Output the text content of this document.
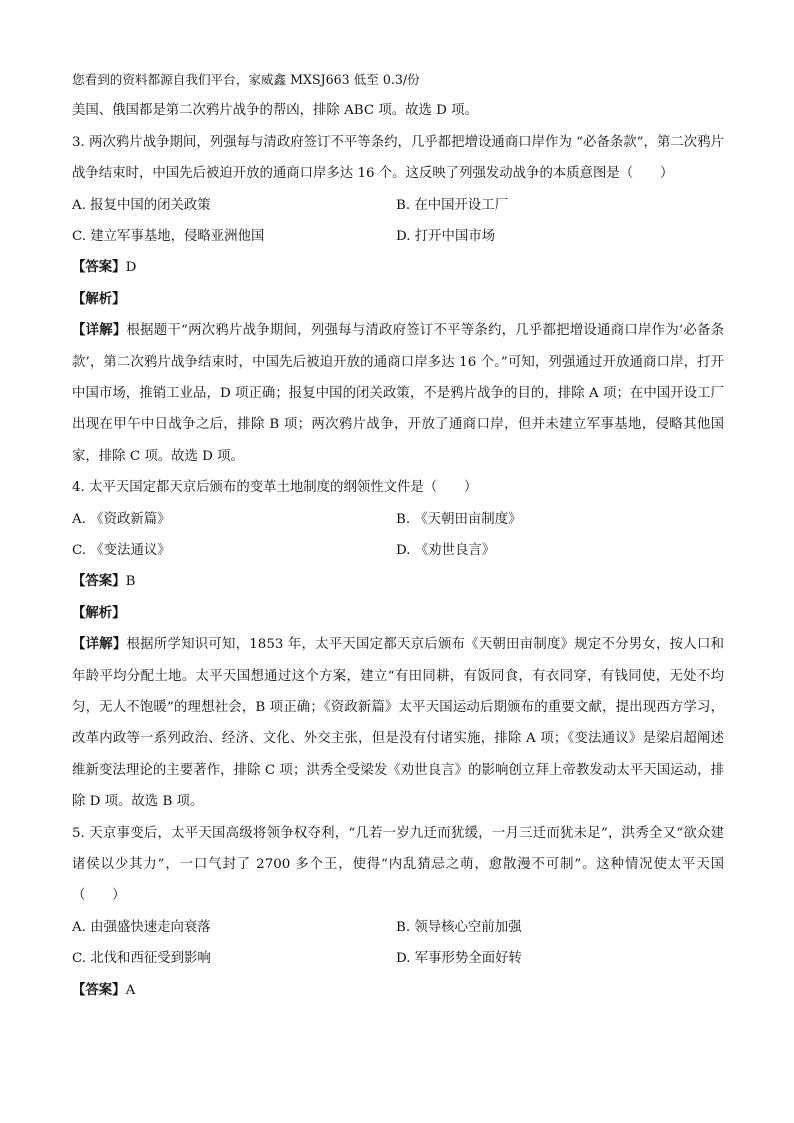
您看到的资料都源自我们平台，家威鑫 MXSJ663 低至 0.3/份
美国、俄国都是第二次鸦片战争的帮凶，排除 ABC 项。故选 D 项。
3. 两次鸦片战争期间，列强每与清政府签订不平等条约，几乎都把增设通商口岸作为 “必备条款”，第二次鸦片战争结束时，中国先后被迫开放的通商口岸多达 16 个。这反映了列强发动战争的本质意图是（　　）
A. 报复中国的闭关政策	B. 在中国开设工厂
C. 建立军事基地，侵略亚洲他国	D. 打开中国市场
【答案】D
【解析】
【详解】根据题干“两次鸦片战争期间，列强每与清政府签订不平等条约，几乎都把增设通商口岸作为‘必备条款’，第二次鸦片战争结束时，中国先后被迫开放的通商口岸多达 16 个。”可知，列强通过开放通商口岸，打开中国市场，推销工业品，D 项正确；报复中国的闭关政策，不是鸦片战争的目的，排除 A 项；在中国开设工厂出现在甲午中日战争之后，排除 B 项；两次鸦片战争，开放了通商口岸，但并未建立军事基地，侵略其他国家，排除 C 项。故选 D 项。
4. 太平天国定都天京后颁布的变革土地制度的纲领性文件是（　　）
A. 《资政新篇》	B. 《天朝田亩制度》
C. 《变法通议》	D. 《劝世良言》
【答案】B
【解析】
【详解】根据所学知识可知，1853 年，太平天国定都天京后颁布《天朝田亩制度》规定不分男女，按人口和年龄平均分配土地。太平天国想通过这个方案，建立“有田同耕，有饭同食，有衣同穿，有钱同使，无处不均匀，无人不饱暖”的理想社会，B 项正确；《资政新篇》太平天国运动后期颁布的重要文献，提出现西方学习，改革内政等一系列政治、经济、文化、外交主张，但是没有付诸实施，排除 A 项；《变法通议》是梁启超阐述维新变法理论的主要著作，排除 C 项；洪秀全受梁发《劝世良言》的影响创立拜上帝教发动太平天国运动，排除 D 项。故选 B 项。
5. 天京事变后，太平天国高级将领争权夺利，“几若一岁九迁而犹缓，一月三迁而犹未足”，洪秀全又“欲众建诸侯以少其力”，一口气封了 2700 多个王，使得“内乱猜忌之萌，愈散漫不可制”。这种情况使太平天国（　　）
A. 由强盛快速走向衰落	B. 领导核心空前加强
C. 北伐和西征受到影响	D. 军事形势全面好转
【答案】A
